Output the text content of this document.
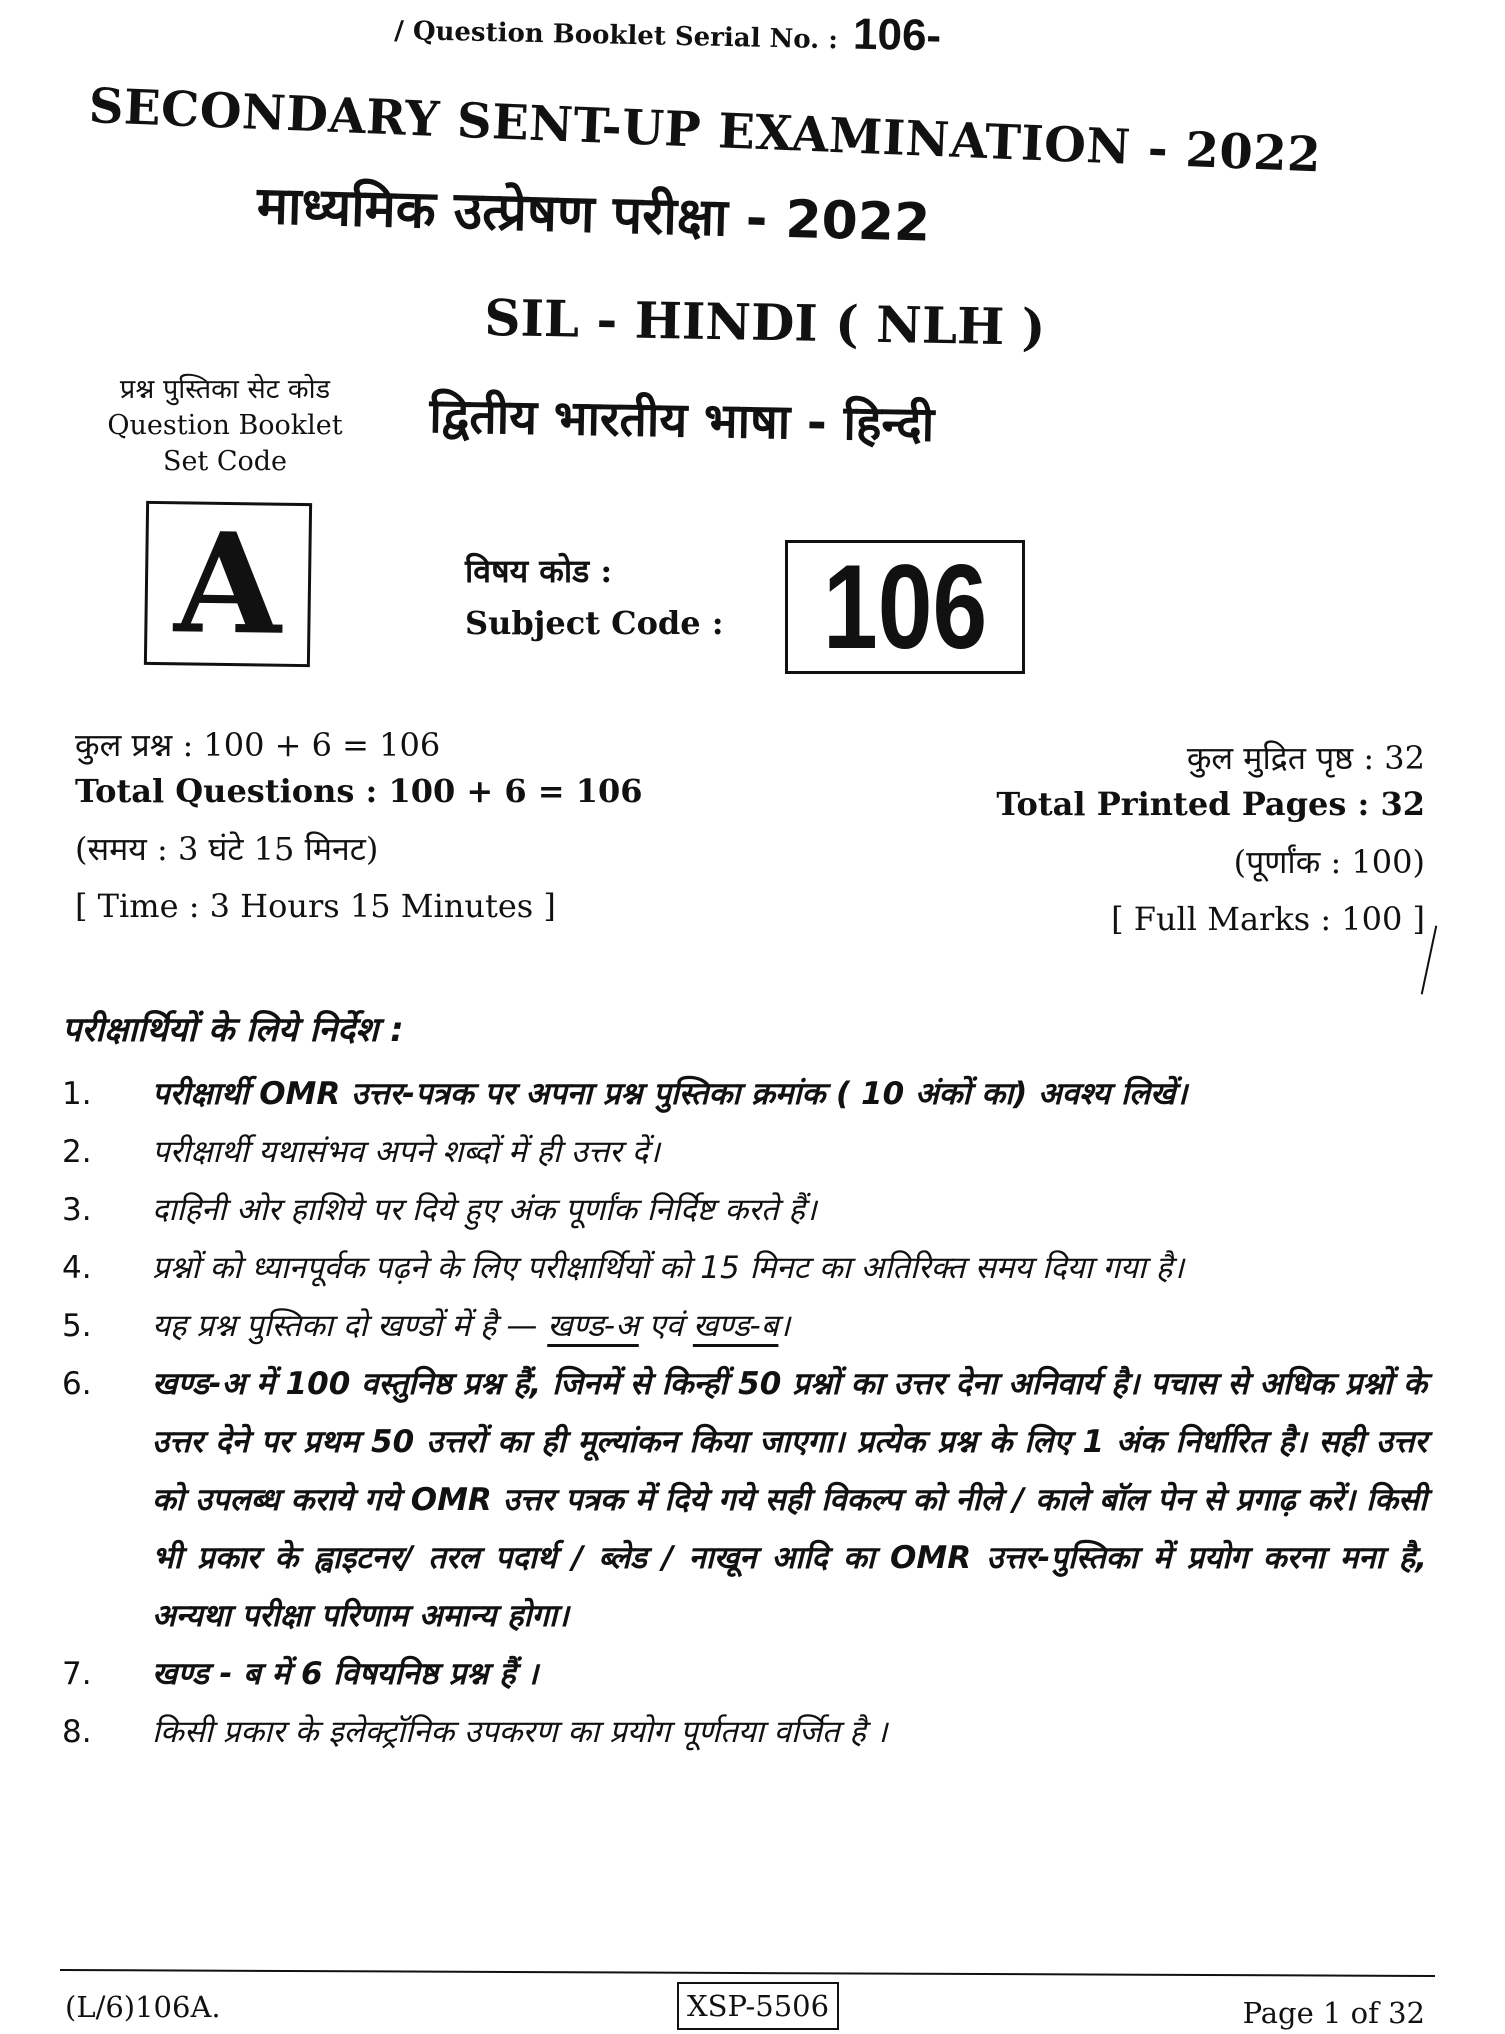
/ Question Booklet Serial No. : 106-
SECONDARY SENT-UP EXAMINATION - 2022
माध्यमिक उत्प्रेषण परीक्षा - 2022
SIL - HINDI ( NLH )
द्वितीय भारतीय भाषा - हिन्दी
प्रश्न पुस्तिका सेट कोड
Question Booklet
Set Code
A	विषय कोड :
Subject Code : 106
कुल प्रश्न : 100 + 6 = 106
Total Questions : 100 + 6 = 106
(समय : 3 घंटे 15 मिनट)
[ Time : 3 Hours 15 Minutes ]
कुल मुद्रित पृष्ठ : 32
Total Printed Pages : 32
(पूर्णांक : 100)
[ Full Marks : 100 ]
परीक्षार्थियों के लिये निर्देश :
1.	परीक्षार्थी OMR उत्तर-पत्रक पर अपना प्रश्न पुस्तिका क्रमांक ( 10 अंकों का) अवश्य लिखें।
2.	परीक्षार्थी यथासंभव अपने शब्दों में ही उत्तर दें।
3.	दाहिनी ओर हाशिये पर दिये हुए अंक पूर्णांक निर्दिष्ट करते हैं।
4.	प्रश्नों को ध्यानपूर्वक पढ़ने के लिए परीक्षार्थियों को 15 मिनट का अतिरिक्त समय दिया गया है।
5.	यह प्रश्न पुस्तिका दो खण्डों में है — खण्ड-अ एवं खण्ड-ब।
6.	खण्ड-अ में 100 वस्तुनिष्ठ प्रश्न हैं, जिनमें से किन्हीं 50 प्रश्नों का उत्तर देना अनिवार्य है। पचास से अधिक प्रश्नों के उत्तर देने पर प्रथम 50 उत्तरों का ही मूल्यांकन किया जाएगा। प्रत्येक प्रश्न के लिए 1 अंक निर्धारित है। सही उत्तर को उपलब्ध कराये गये OMR उत्तर पत्रक में दिये गये सही विकल्प को नीले / काले बॉल पेन से प्रगाढ़ करें। किसी भी प्रकार के ह्वाइटनर/ तरल पदार्थ / ब्लेड / नाखून आदि का OMR उत्तर-पुस्तिका में प्रयोग करना मना है, अन्यथा परीक्षा परिणाम अमान्य होगा।
7.	खण्ड - ब में 6 विषयनिष्ठ प्रश्न हैं ।
8.	किसी प्रकार के इलेक्ट्रॉनिक उपकरण का प्रयोग पूर्णतया वर्जित है ।
(L/6)106A.	XSP-5506	Page 1 of 32
